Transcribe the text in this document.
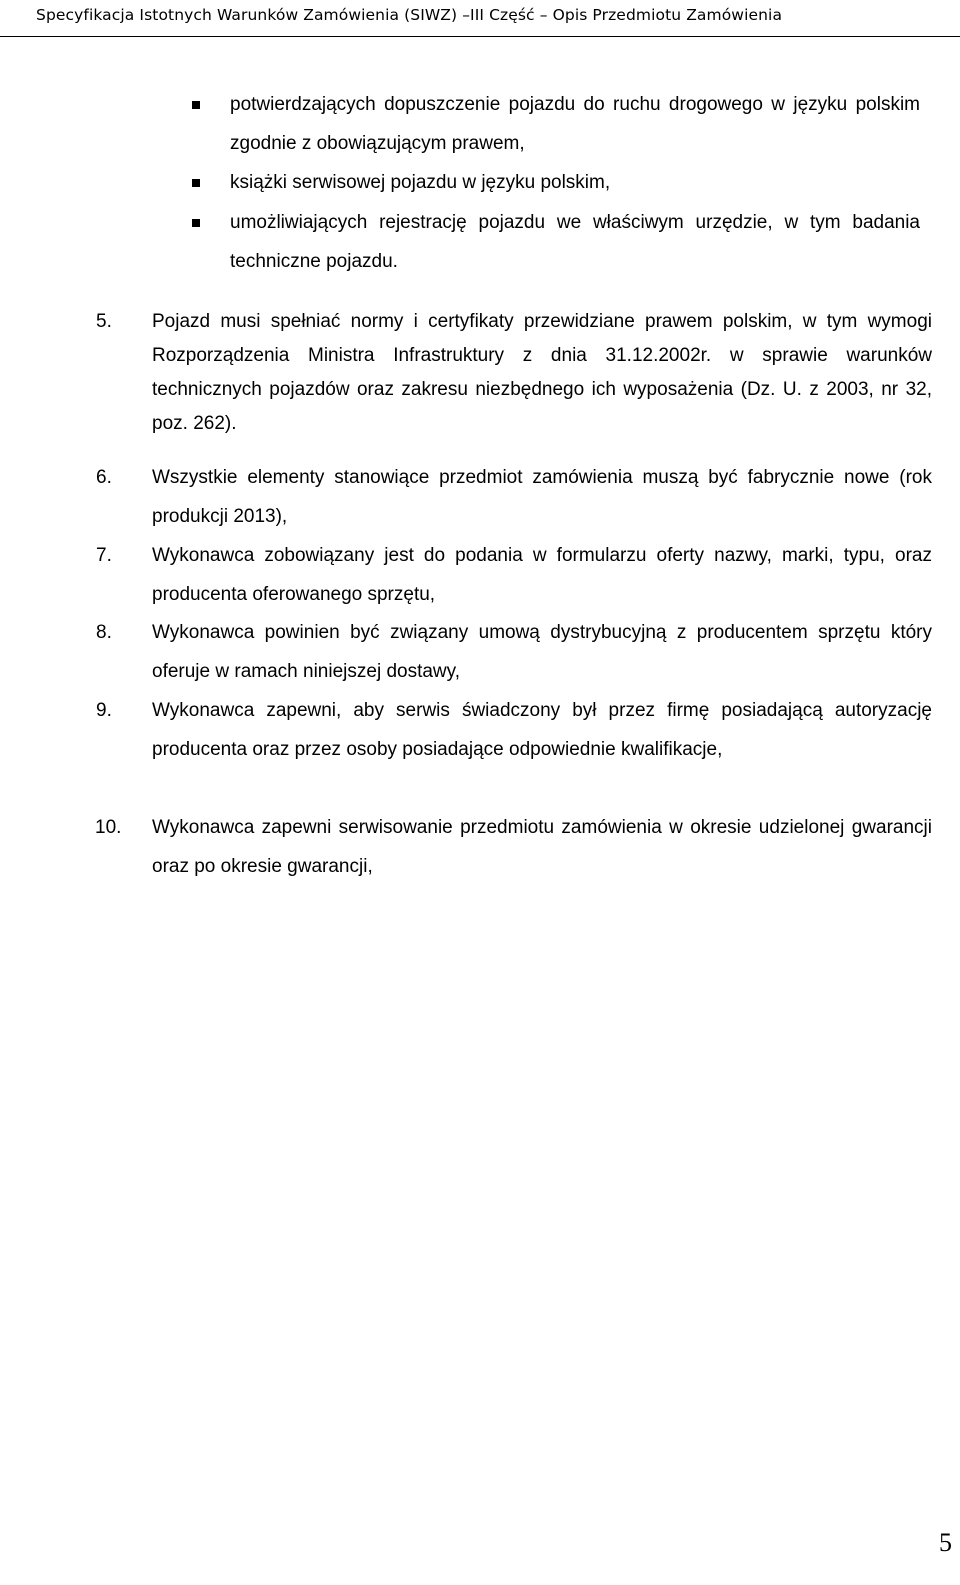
Specyfikacja Istotnych Warunków Zamówienia (SIWZ) –III Część – Opis Przedmiotu Zamówienia
potwierdzających dopuszczenie pojazdu do ruchu drogowego w języku polskim zgodnie z obowiązującym prawem,
książki serwisowej pojazdu w języku polskim,
umożliwiających rejestrację pojazdu we właściwym urzędzie, w tym badania techniczne pojazdu.
5.	Pojazd musi spełniać normy i certyfikaty przewidziane prawem polskim, w tym wymogi Rozporządzenia Ministra Infrastruktury z dnia 31.12.2002r. w sprawie warunków technicznych pojazdów oraz zakresu niezbędnego ich wyposażenia (Dz. U. z 2003, nr 32, poz. 262).
6.	Wszystkie elementy stanowiące przedmiot zamówienia muszą być fabrycznie nowe (rok produkcji 2013),
7.	Wykonawca zobowiązany jest do podania w formularzu oferty nazwy, marki, typu, oraz producenta oferowanego sprzętu,
8.	Wykonawca powinien być związany umową dystrybucyjną z producentem sprzętu który oferuje w ramach niniejszej dostawy,
9.	Wykonawca zapewni, aby serwis świadczony był przez firmę posiadającą autoryzację producenta oraz przez osoby posiadające odpowiednie kwalifikacje,
10.	Wykonawca zapewni serwisowanie przedmiotu zamówienia w okresie udzielonej gwarancji oraz po okresie gwarancji,
5
